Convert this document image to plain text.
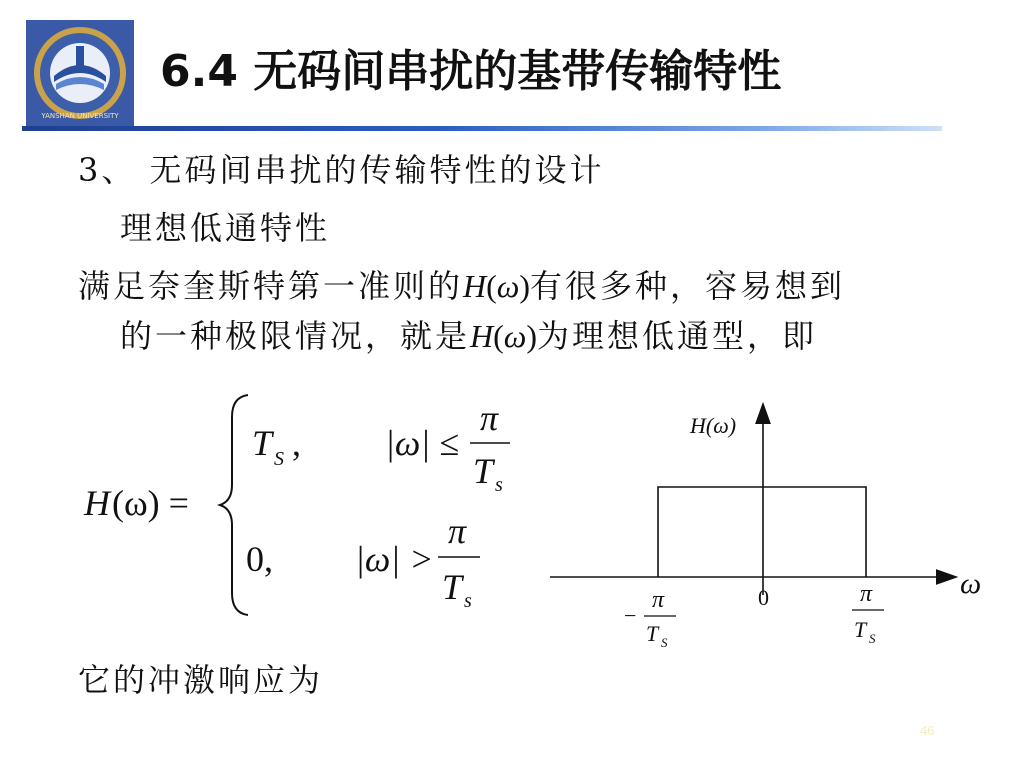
YANSHAN UNIVERSITY
6.4 无码间串扰的基带传输特性
3、 无码间串扰的传输特性的设计
理想低通特性
满足奈奎斯特第一准则的H(ω)有很多种，容易想到
的一种极限情况，就是H(ω)为理想低通型，即
H (ω) =
T S , |ω| ≤
π
T s
0, |ω| >
π
T s
H(ω)
ω
0
−
π
T S
π
T S
它的冲激响应为
46
